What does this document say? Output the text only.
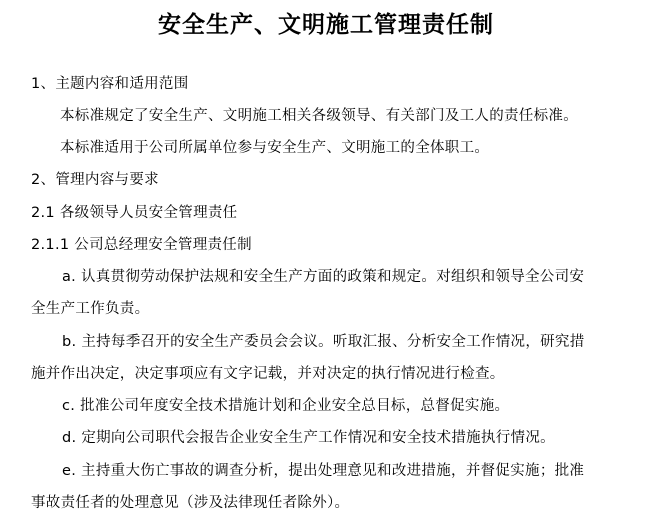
安全生产、文明施工管理责任制
1、主题内容和适用范围
本标准规定了安全生产、文明施工相关各级领导、有关部门及工人的责任标准。
本标准适用于公司所属单位参与安全生产、文明施工的全体职工。
2、管理内容与要求
2.1 各级领导人员安全管理责任
2.1.1 公司总经理安全管理责任制
a. 认真贯彻劳动保护法规和安全生产方面的政策和规定。对组织和领导全公司安
全生产工作负责。
b. 主持每季召开的安全生产委员会会议。听取汇报、分析安全工作情况，研究措
施并作出决定，决定事项应有文字记载，并对决定的执行情况进行检查。
c. 批准公司年度安全技术措施计划和企业安全总目标，总督促实施。
d. 定期向公司职代会报告企业安全生产工作情况和安全技术措施执行情况。
e. 主持重大伤亡事故的调查分析，提出处理意见和改进措施，并督促实施；批准
事故责任者的处理意见（涉及法律现任者除外）。
